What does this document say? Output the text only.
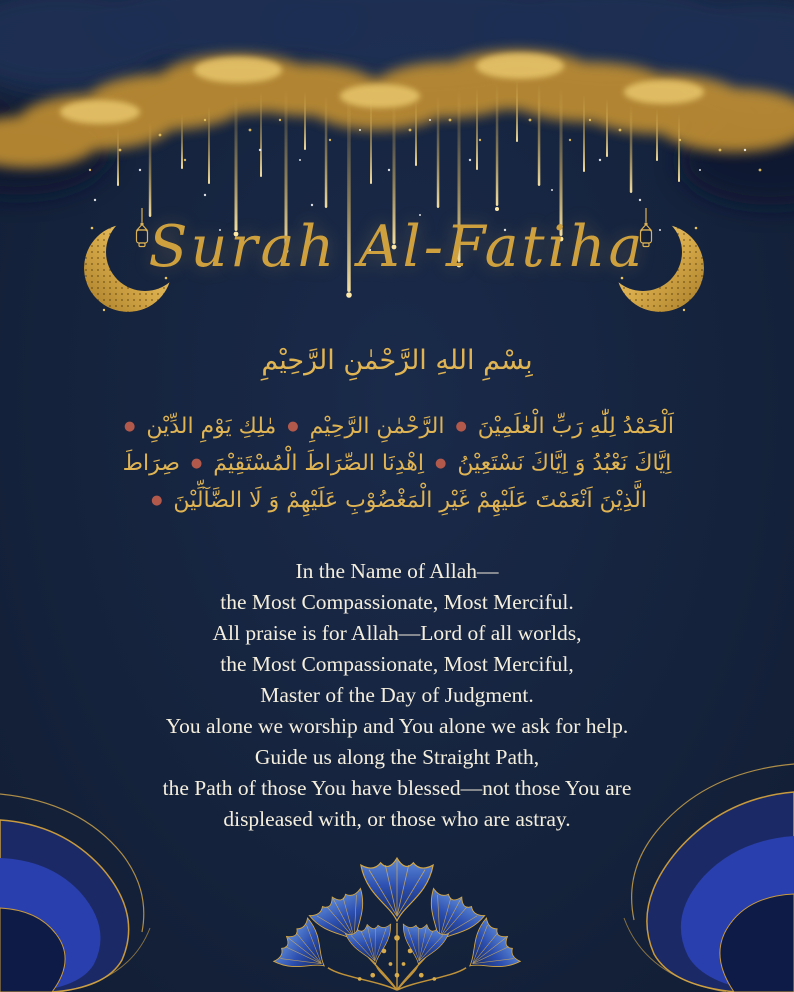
Surah Al-Fatiha

بِسْمِ اللهِ الرَّحْمٰنِ الرَّحِيْمِ

اَلْحَمْدُ لِلّٰهِ رَبِّ الْعٰلَمِيْنَ ● الرَّحْمٰنِ الرَّحِيْمِ ● مٰلِكِ يَوْمِ الدِّيْنِ ●

اِيَّاكَ نَعْبُدُ وَ اِيَّاكَ نَسْتَعِيْنُ ● اِهْدِنَا الصِّرَاطَ الْمُسْتَقِيْمَ ● صِرَاطَ

الَّذِيْنَ اَنْعَمْتَ عَلَيْهِمْ غَيْرِ الْمَغْضُوْبِ عَلَيْهِمْ وَ لَا الضَّآلِّيْنَ ●

In the Name of Allah—

the Most Compassionate, Most Merciful.

All praise is for Allah—Lord of all worlds,

the Most Compassionate, Most Merciful,

Master of the Day of Judgment.

You alone we worship and You alone we ask for help.

Guide us along the Straight Path,

the Path of those You have blessed—not those You are

displeased with, or those who are astray.
